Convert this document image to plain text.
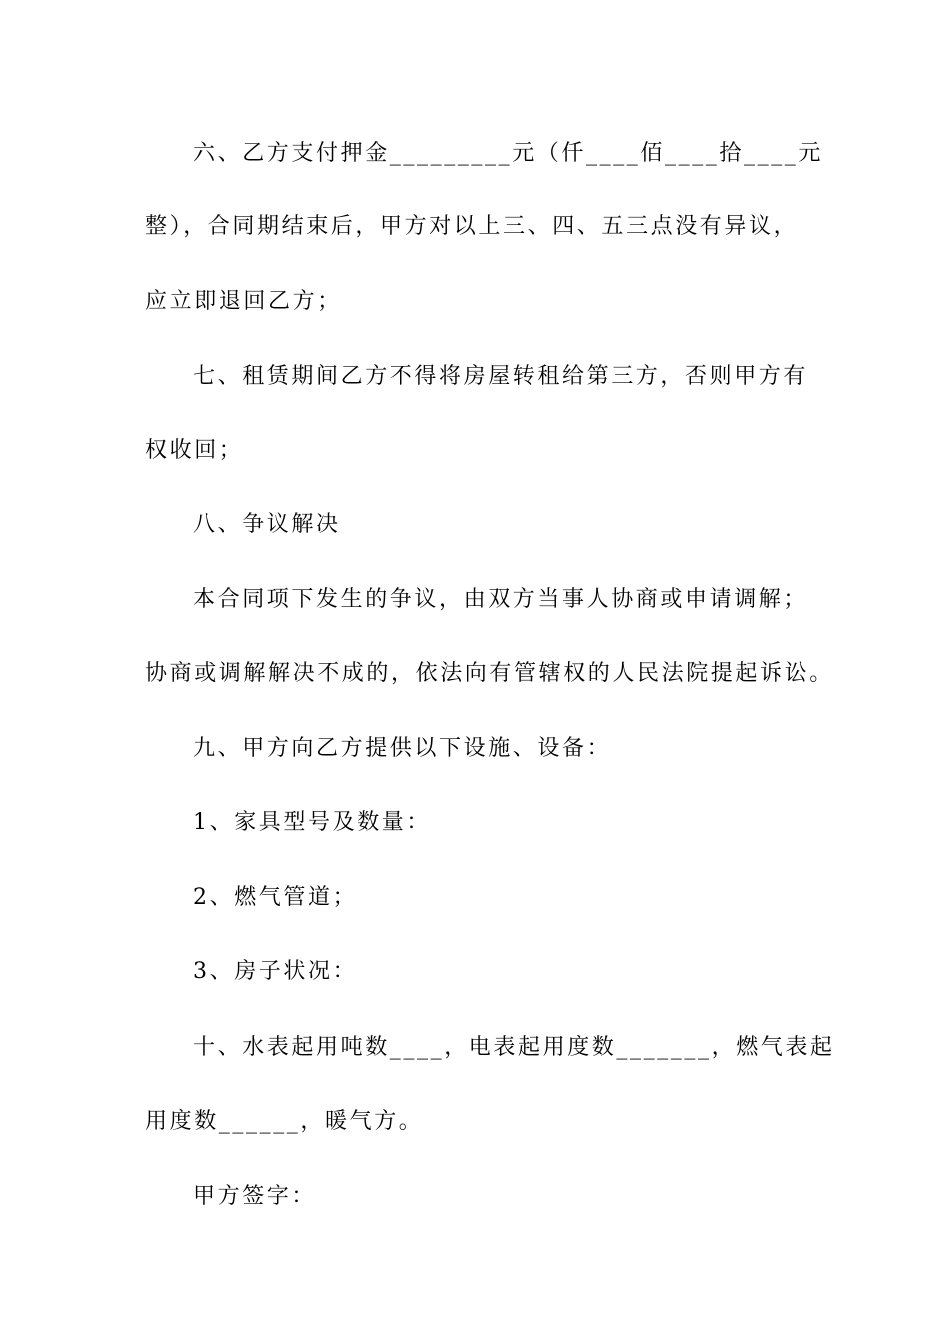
六、乙方支付押金_________元（仟____佰____拾____元
整），合同期结束后，甲方对以上三、四、五三点没有异议，
应立即退回乙方；
七、租赁期间乙方不得将房屋转租给第三方，否则甲方有
权收回；
八、争议解决
本合同项下发生的争议，由双方当事人协商或申请调解；
协商或调解解决不成的，依法向有管辖权的人民法院提起诉讼。
九、甲方向乙方提供以下设施、设备：
1、家具型号及数量：
2、燃气管道；
3、房子状况：
十、水表起用吨数____，电表起用度数_______，燃气表起
用度数______，暖气方。
甲方签字：
